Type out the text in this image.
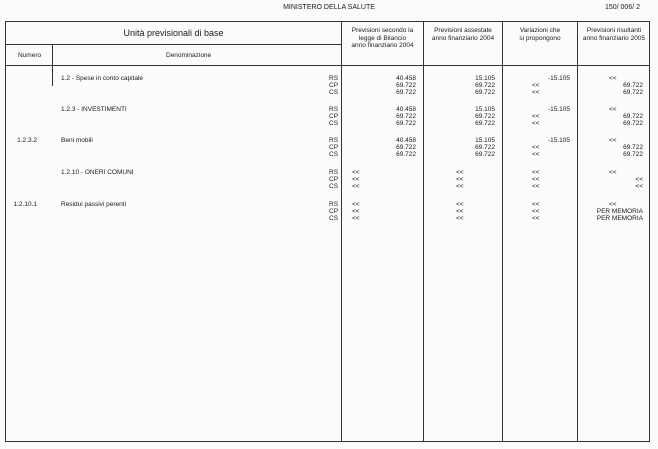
MINISTERO DELLA SALUTE	150/ 006/ 2
Unità previsionali di base
Numero	Denominazione
Previsioni secondo la
legge di Bilancio
anno finanziario 2004
Previsioni assestate
anno finanziario 2004
Variazioni che
si propongono
Previsioni risultanti
anno finanziario 2005
1.2 - Spese in conto capitale	RS	40.458	15.105	-15.105	<<
CP	69.722	69.722	<<	69.722
CS	69.722	69.722	<<	69.722
1.2.3 - INVESTIMENTI	RS	40.458	15.105	-15.105	<<
CP	69.722	69.722	<<	69.722
CS	69.722	69.722	<<	69.722
1.2.3.2	Beni mobili	RS	40.458	15.105	-15.105	<<
CP	69.722	69.722	<<	69.722
CS	69.722	69.722	<<	69.722
1.2.10 - ONERI COMUNI	RS <<	<<	<<	<<
CP <<	<<	<<	<<
CS <<	<<	<<	<<
1.2.10.1	Residui passivi perenti	RS <<	<<	<<	<<
CP <<	<<	<<	PER MEMORIA
CS <<	<<	<<	PER MEMORIA
